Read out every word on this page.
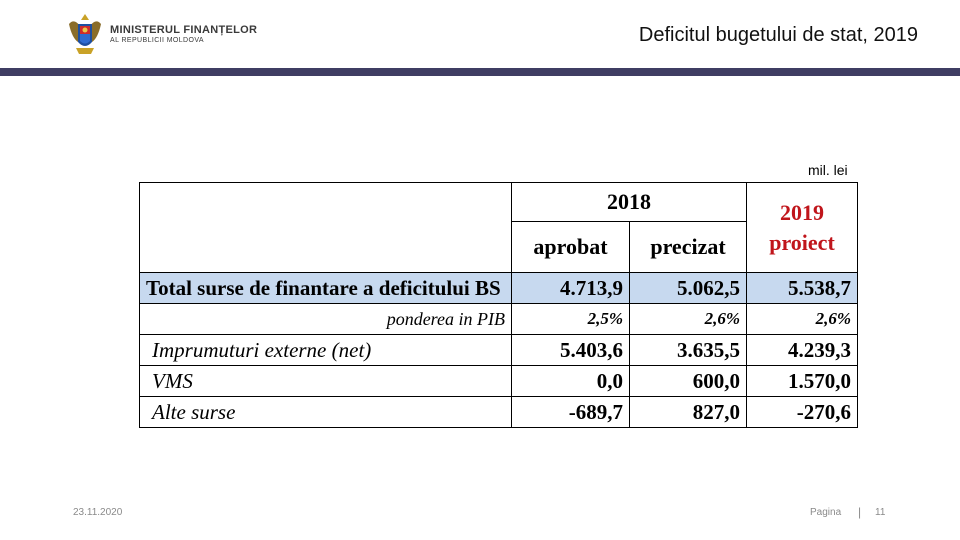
MINISTERUL FINANȚELOR
AL REPUBLICII MOLDOVA	Deficitul bugetului de stat, 2019
mil. lei
	2018		2019
proiect
	aprobat	precizat	
Total surse de finantare a deficitului BS	4.713,9	5.062,5	5.538,7
ponderea in PIB	2,5%	2,6%	2,6%
Imprumuturi externe (net)	5.403,6	3.635,5	4.239,3
VMS	0,0	600,0	1.570,0
Alte surse	-689,7	827,0	-270,6
23.11.2020	Pagina | 11
